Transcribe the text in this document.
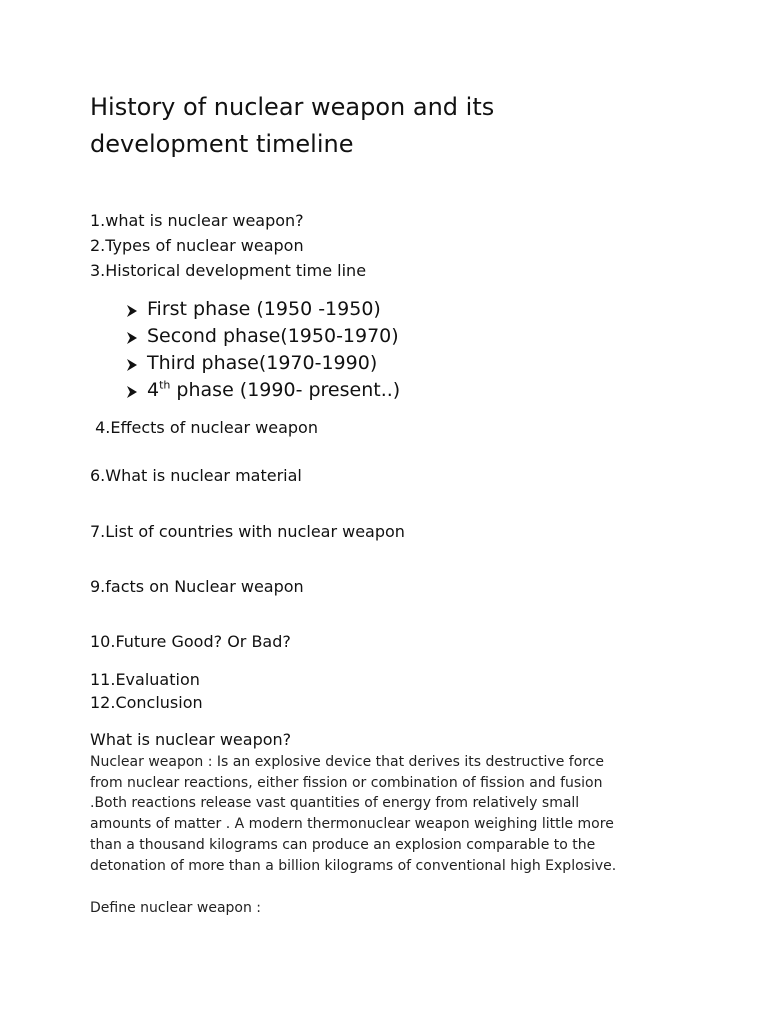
History of nuclear weapon and its development timeline
1.what is nuclear weapon?
2.Types of nuclear weapon
3.Historical development time line
First phase (1950 -1950)
Second phase(1950-1970)
Third phase(1970-1990)
4th phase (1990- present..)
4.Effects of nuclear weapon
6.What is nuclear material
7.List of countries with nuclear weapon
9.facts on Nuclear weapon
10.Future Good? Or Bad?
11.Evaluation
12.Conclusion
What is nuclear weapon?

Nuclear weapon : Is an explosive device that derives its destructive force from nuclear reactions, either fission or combination of fission and fusion .Both reactions release vast quantities of energy from relatively small amounts of matter . A modern thermonuclear weapon weighing little more than a thousand kilograms can produce an explosion comparable to the detonation of more than a billion kilograms of conventional high Explosive.

Define nuclear weapon :
